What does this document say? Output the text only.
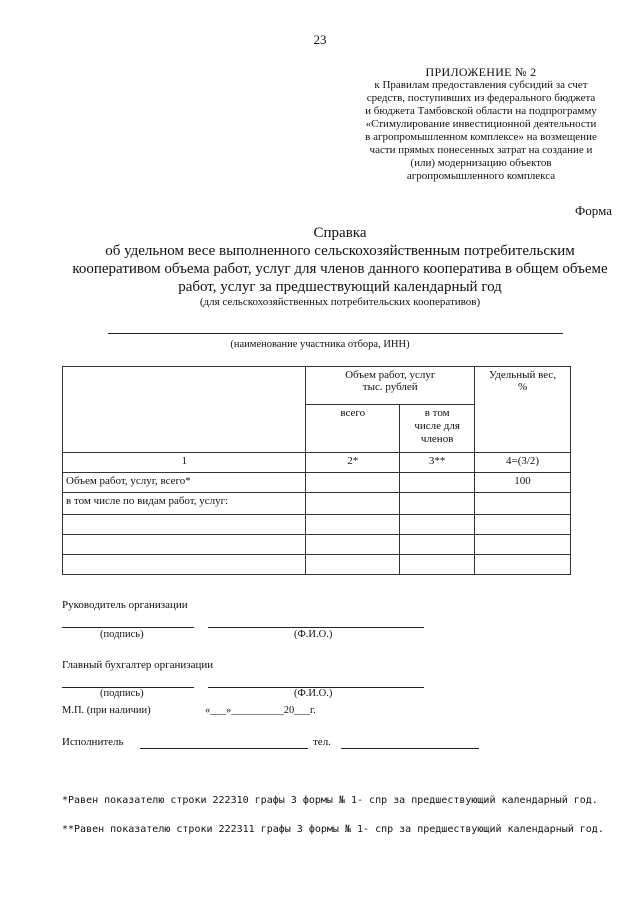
23
ПРИЛОЖЕНИЕ № 2
к Правилам предоставления субсидий за счет
средств, поступивших из федерального бюджета
и бюджета Тамбовской области на подпрограмму
«Стимулирование инвестиционной деятельности
в агропромышленном комплексе» на возмещение
части прямых понесенных затрат на создание и
(или) модернизацию объектов
агропромышленного комплекса
Форма
Справка
об удельном весе выполненного сельскохозяйственным потребительским
кооперативом объема работ, услуг для членов данного кооператива в общем объеме
работ, услуг за предшествующий календарный год
(для сельскохозяйственных потребительских кооперативов)
(наименование участника отбора, ИНН)
	Объем работ, услуг
тыс. рублей		Удельный вес,
%
	всего	в том
числе для
членов	
1	2*	3**	4=(3/2)
Объем работ, услуг, всего*			100
в том числе по видам работ, услуг:			

Руководитель организации
(подпись)	(Ф.И.О.)
Главный бухгалтер организации
(подпись)	(Ф.И.О.)
М.П. (при наличии)	«___»__________20___г.
Исполнитель	тел.
*Равен показателю строки 222310 графы 3 формы № 1- спр за предшествующий календарный год.
**Равен показателю строки 222311 графы 3 формы № 1- спр за предшествующий календарный год.
